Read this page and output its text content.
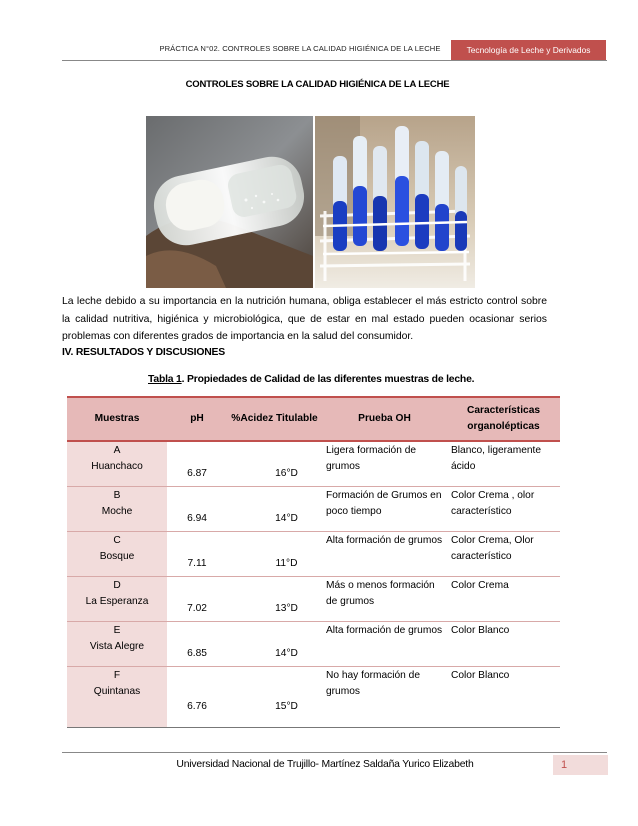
PRÁCTICA N°02. CONTROLES SOBRE LA CALIDAD HIGIÉNICA DE LA LECHE	Tecnología de Leche y Derivados
CONTROLES SOBRE LA CALIDAD HIGIÉNICA DE LA LECHE
La leche debido a su importancia en la nutrición humana, obliga establecer el más estricto control sobre la calidad nutritiva, higiénica y microbiológica, que de estar en mal estado pueden ocasionar serios problemas con diferentes grados de importancia en la salud del consumidor.
IV. RESULTADOS Y DISCUSIONES
Tabla 1. Propiedades de Calidad de las diferentes muestras de leche.
Muestras	pH	%Acidez Titulable	Prueba OH	Características organolépticas

A
Huanchaco	6.87	16°D	Ligera formación de grumos	Blanco, ligeramente ácido

B
Moche	6.94	14°D	Formación de Grumos en poco tiempo	Color Crema , olor característico

C
Bosque	7.11	11°D	Alta formación de grumos	Color Crema, Olor característico

D
La Esperanza	7.02	13°D	Más o menos formación de grumos	Color Crema

E
Vista Alegre	6.85	14°D	Alta formación de grumos	Color Blanco

F
Quintanas	6.76	15°D	No hay formación de grumos	Color Blanco
Universidad Nacional de Trujillo- Martínez Saldaña Yurico Elizabeth	1
